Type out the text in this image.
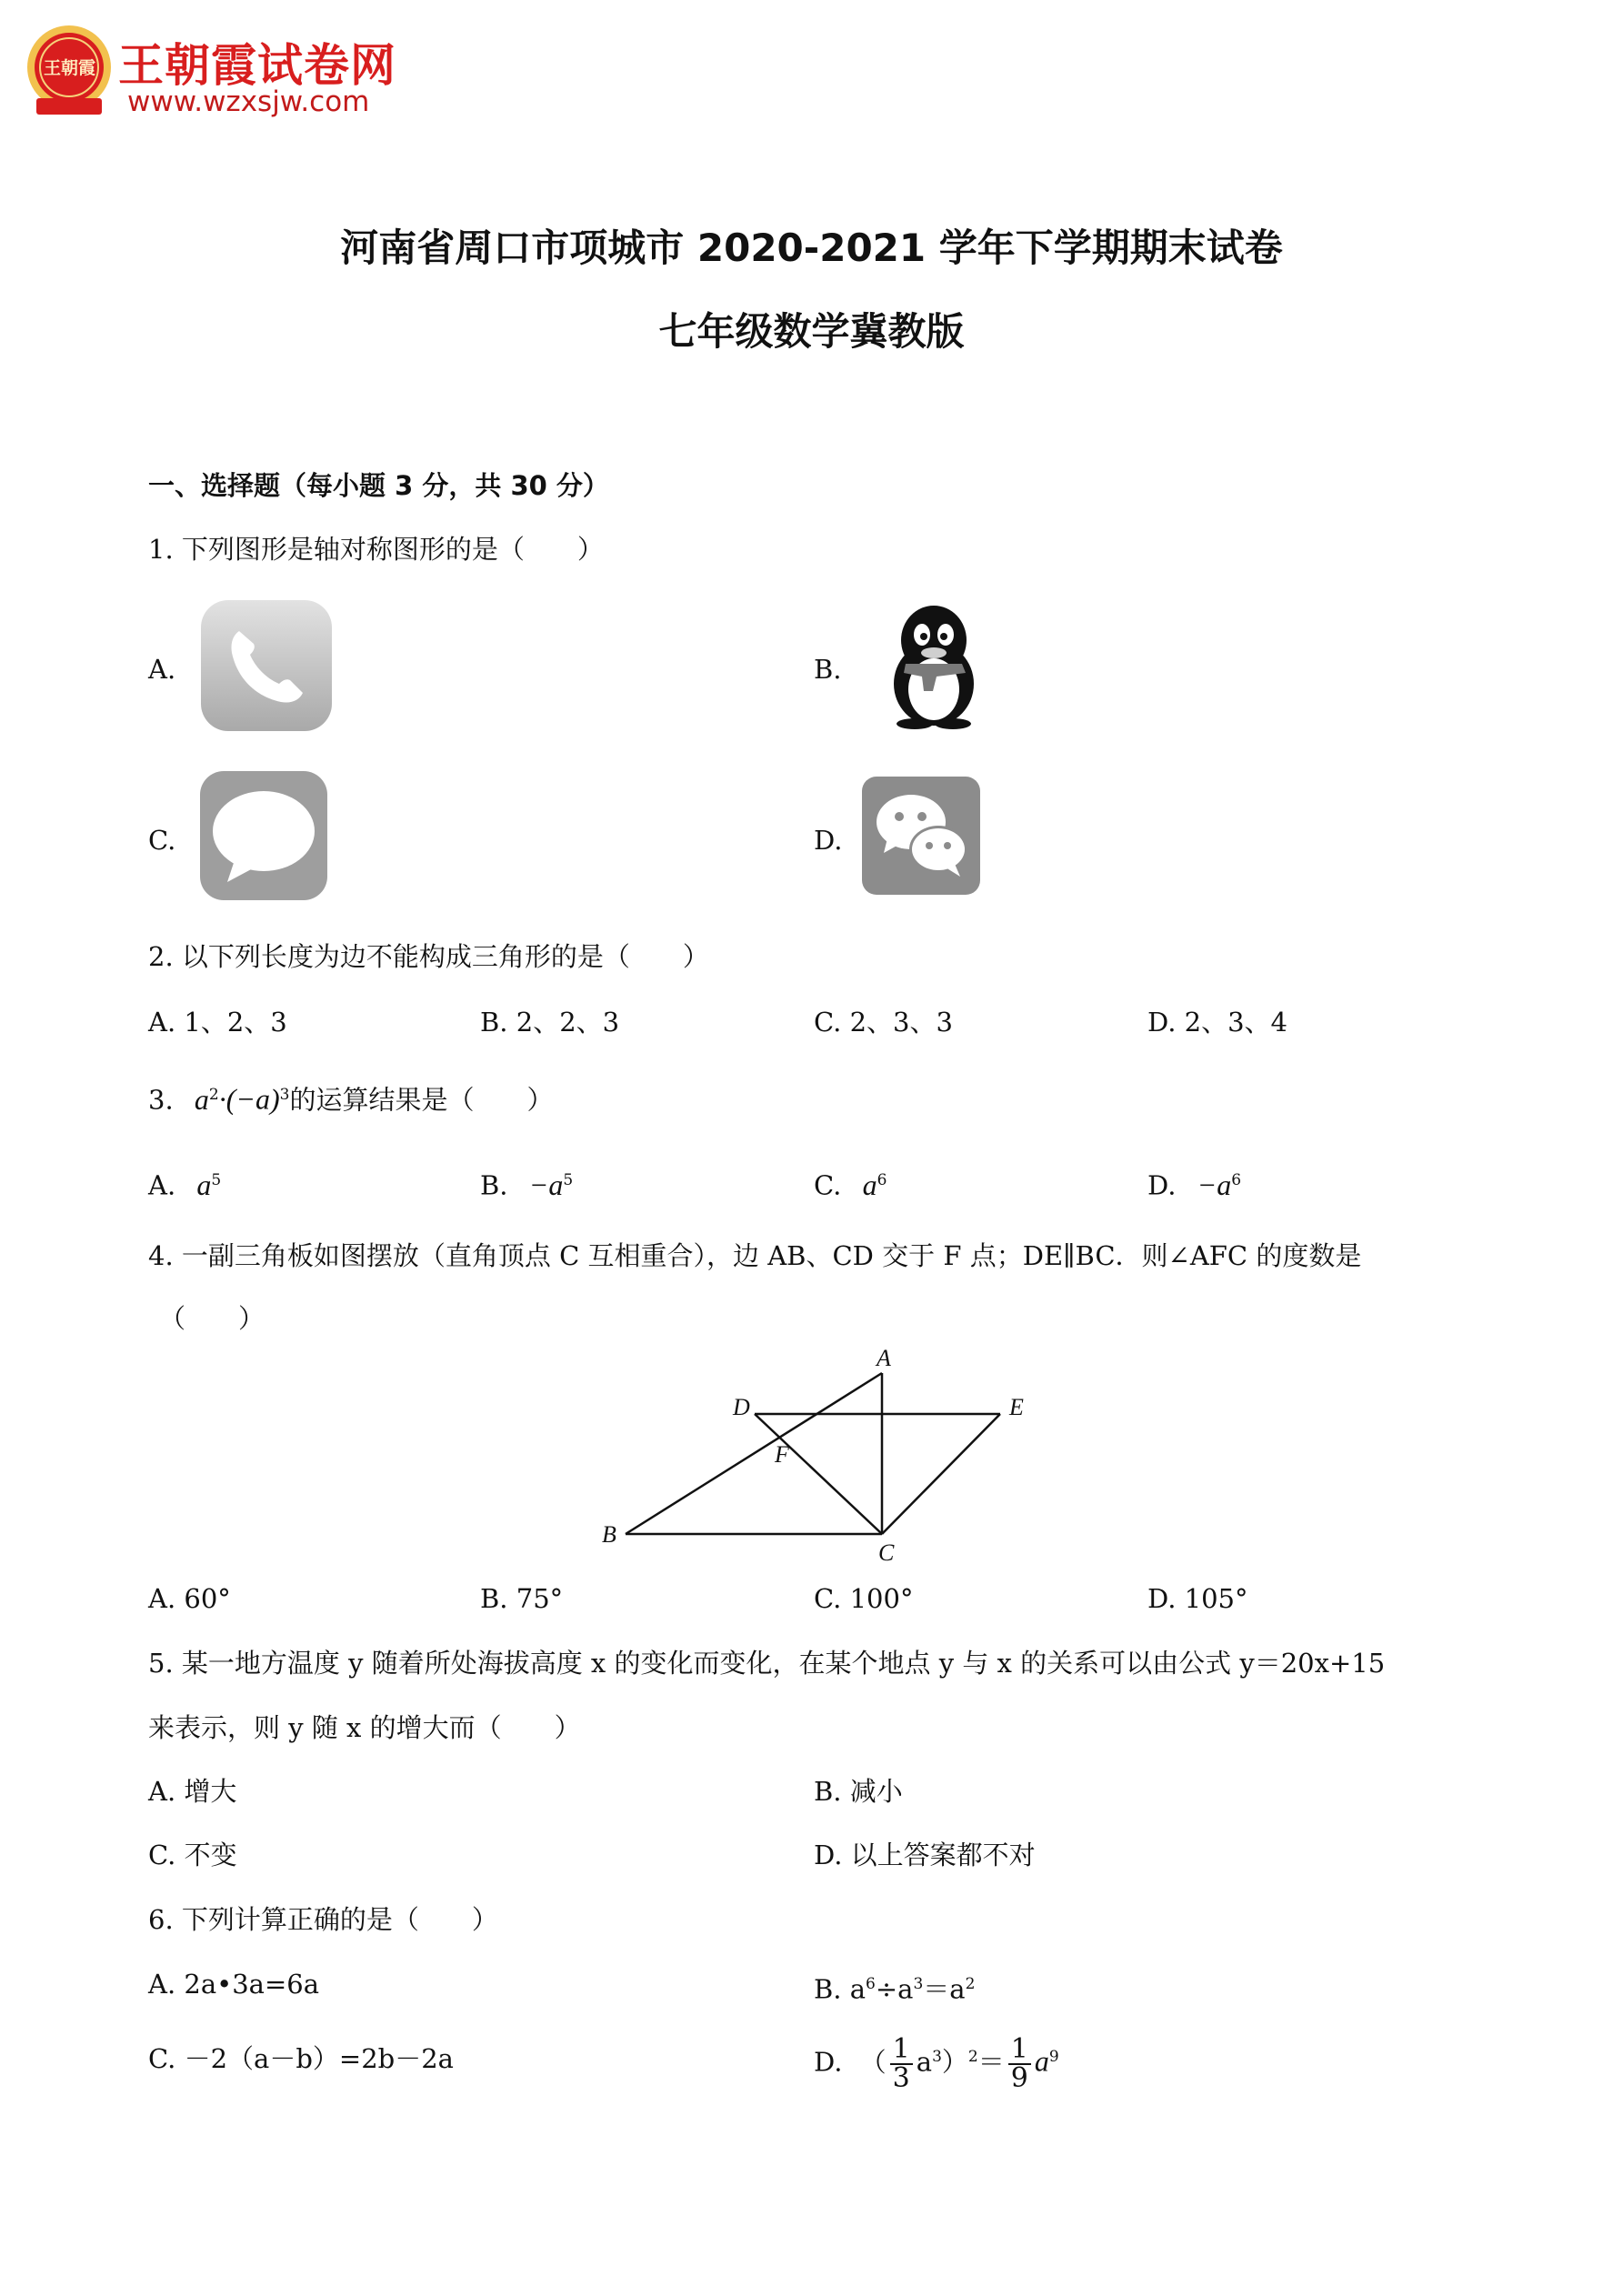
王朝霞 王朝霞试卷网
www.wzxsjw.com
河南省周口市项城市 2020-2021 学年下学期期末试卷
七年级数学冀教版
一、选择题（每小题 3 分，共 30 分）
1. 下列图形是轴对称图形的是（　　）
A.	B.
C.	D.
2. 以下列长度为边不能构成三角形的是（　　）
A. 1、2、3	B. 2、2、3	C. 2、3、3	D. 2、3、4
3. $a^2\cdot(-a)^3$的运算结果是（　　）
A. $a^5$	B. $-a^5$	C. $a^6$	D. $-a^6$
4. 一副三角板如图摆放（直角顶点 C 互相重合），边 AB、CD 交于 F 点；DE∥BC．则∠AFC 的度数是
（　　）
A
B
C
D	E
F
A. 60°	B. 75°	C. 100°	D. 105°
5. 某一地方温度 y 随着所处海拔高度 x 的变化而变化，在某个地点 y 与 x 的关系可以由公式 y＝20x+15
来表示，则 y 随 x 的增大而（　　）
A. 增大	B. 减小
C. 不变	D. 以上答案都不对
6. 下列计算正确的是（　　）
A. 2a•3a=6a	B. $a^6\div a^3=a^2$
C. －2（a－b）=2b－2a	D. （ $\frac{1}{3} a^3)^2= \frac{1}{9} a^9$
